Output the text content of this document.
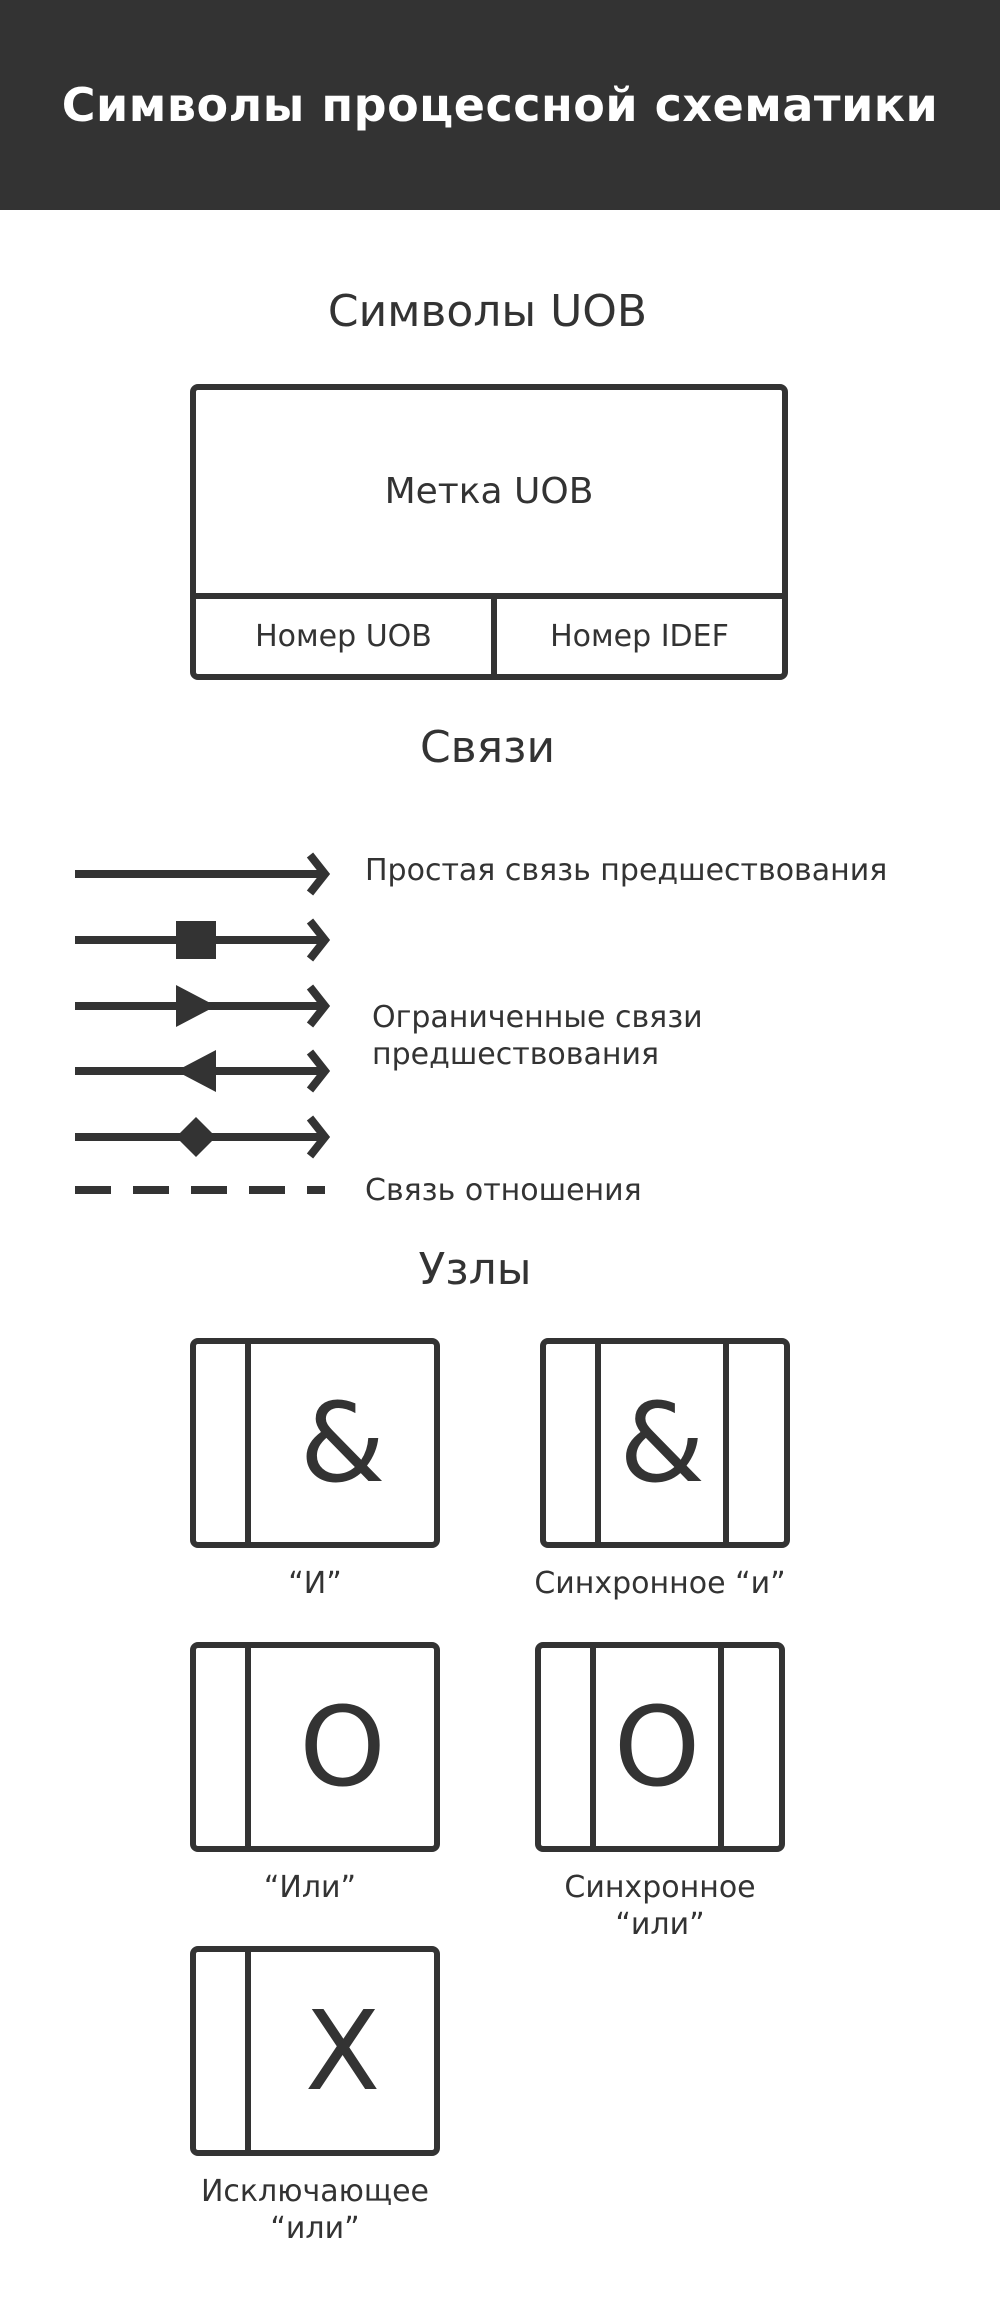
Символы процессной схематики
Символы UOB
Метка UOB
Номер UOB	Номер IDEF
Связи
Простая связь предшествования
Ограниченные связи
предшествования
Связь отношения
Узлы
&
“И”
&
Синхронное “и”
O
“Или”
O
Синхронное
“или”
X
Исключающее
“или”
